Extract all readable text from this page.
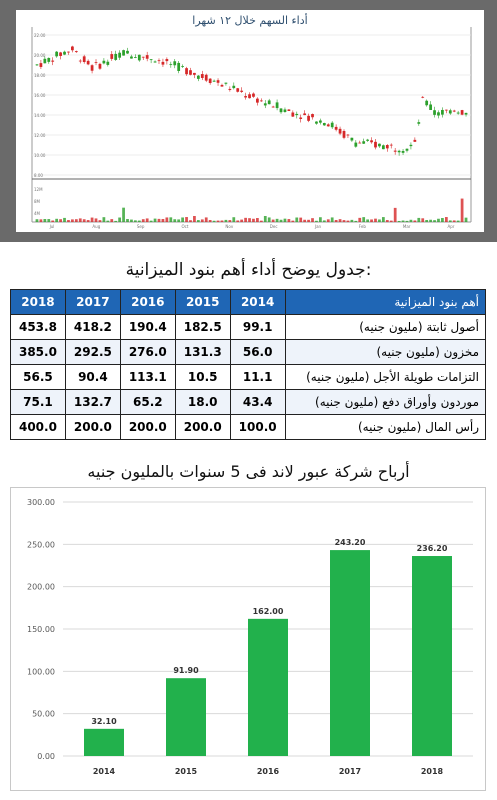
22.00
20.00
18.00
16.00
14.00
12.00
10.00
8.00
12M
8M
4M
Jul	Aug	Sep	Oct	Nov	Dec	Jan	Feb	Mar	Apr
أداء السهم خلال ١٢ شهرا
جدول يوضح أداء أهم بنود الميزانية:
2018	2017	2016	2015	2014	أهم بنود الميزانية
453.8	418.2	190.4	182.5	99.1	أصول ثابتة (مليون جنيه)
385.0	292.5	276.0	131.3	56.0	مخزون (مليون جنيه)
56.5	90.4	113.1	10.5	11.1	التزامات طويلة الأجل (مليون جنيه)
75.1	132.7	65.2	18.0	43.4	موردون وأوراق دفع (مليون جنيه)
400.0	200.0	200.0	200.0	100.0	رأس المال (مليون جنيه)
أرباح شركة عبور لاند فى 5 سنوات بالمليون جنيه
300.00
250.00
200.00
150.00
100.00
50.00
0.00
32.10
2014
91.90
2015
162.00
2016
243.20
2017
236.20
2018
